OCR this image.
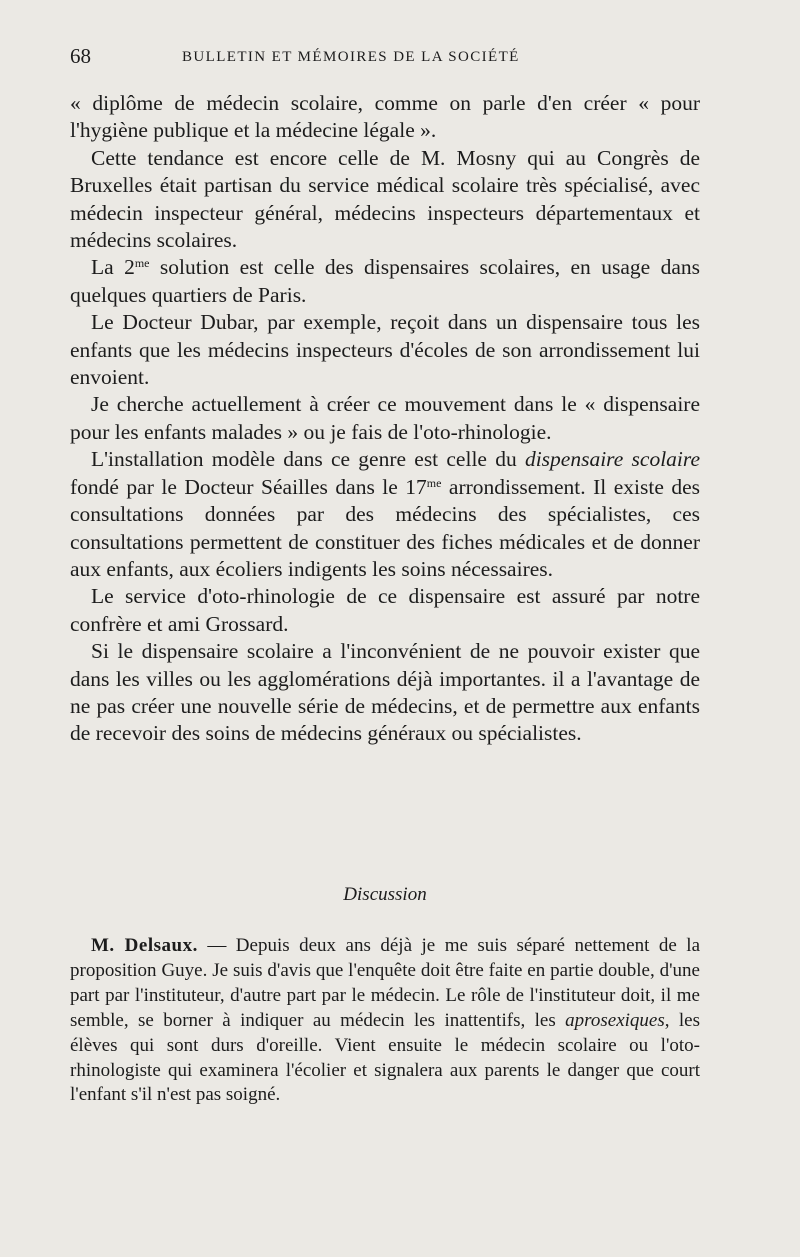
68	BULLETIN ET MÉMOIRES DE LA SOCIÉTÉ

« diplôme de médecin scolaire, comme on parle d'en créer « pour l'hygiène publique et la médecine légale ».

Cette tendance est encore celle de M. Mosny qui au Congrès de Bruxelles était partisan du service médical scolaire très spécialisé, avec médecin inspecteur général, médecins inspecteurs départementaux et médecins scolaires.

La $2^{me}$ solution est celle des dispensaires scolaires, en usage dans quelques quartiers de Paris.

Le Docteur Dubar, par exemple, reçoit dans un dispensaire tous les enfants que les médecins inspecteurs d'écoles de son arrondissement lui envoient.

Je cherche actuellement à créer ce mouvement dans le « dispensaire pour les enfants malades » ou je fais de l'oto-rhinologie.

L'installation modèle dans ce genre est celle du dispensaire scolaire fondé par le Docteur Séailles dans le $17^{me}$ arrondissement. Il existe des consultations données par des médecins des spécialistes, ces consultations permettent de constituer des fiches médicales et de donner aux enfants, aux écoliers indigents les soins nécessaires.

Le service d'oto-rhinologie de ce dispensaire est assuré par notre confrère et ami Grossard.

Si le dispensaire scolaire a l'inconvénient de ne pouvoir exister que dans les villes ou les agglomérations déjà importantes. il a l'avantage de ne pas créer une nouvelle série de médecins, et de permettre aux enfants de recevoir des soins de médecins généraux ou spécialistes.

Discussion

M. Delsaux. — Depuis deux ans déjà je me suis séparé nettement de la proposition Guye. Je suis d'avis que l'enquête doit être faite en partie double, d'une part par l'instituteur, d'autre part par le médecin. Le rôle de l'instituteur doit, il me semble, se borner à indiquer au médecin les inattentifs, les aprosexiques, les élèves qui sont durs d'oreille. Vient ensuite le médecin scolaire ou l'oto-rhinologiste qui examinera l'écolier et signalera aux parents le danger que court l'enfant s'il n'est pas soigné.
